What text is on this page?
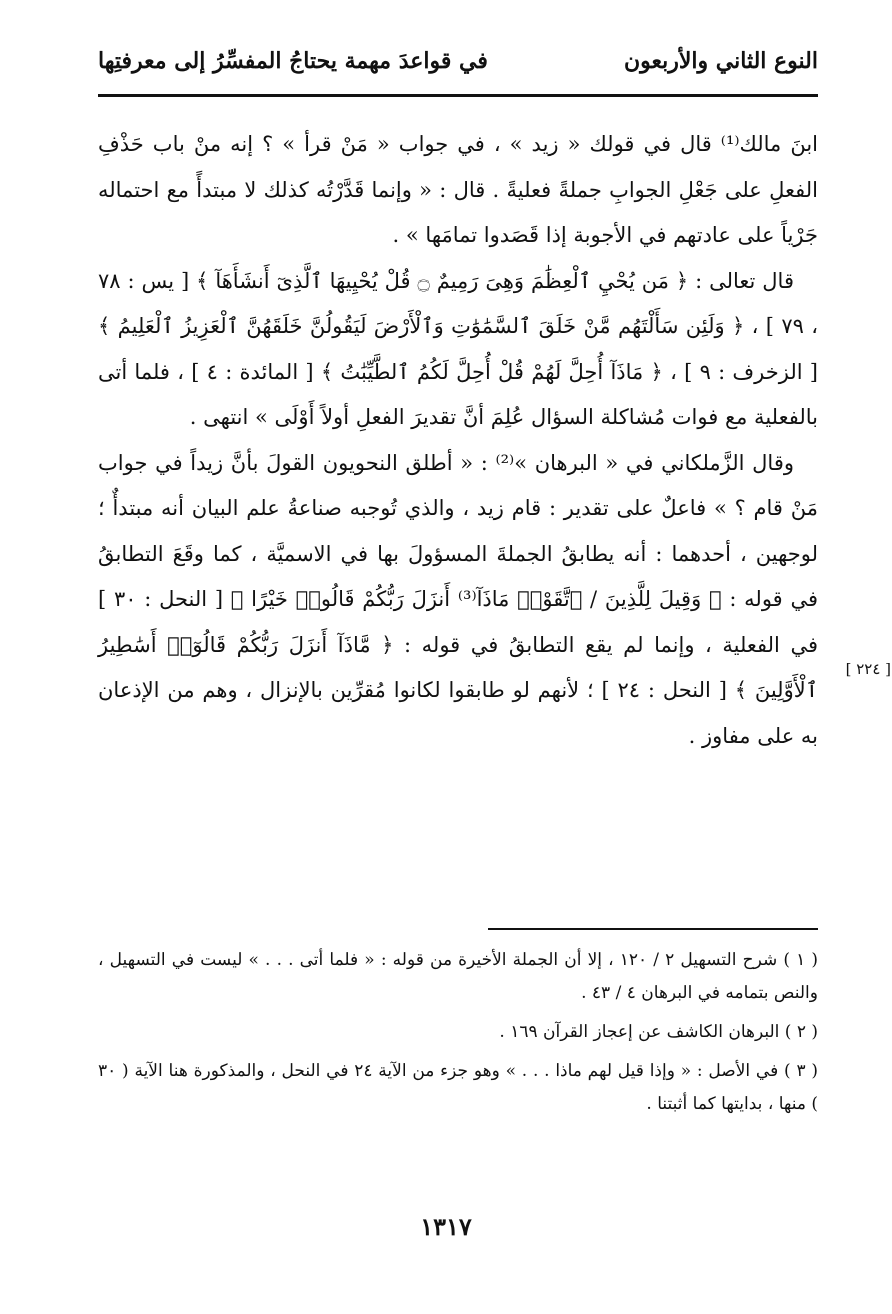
النوع الثاني والأربعون
في قواعدَ مهمة يحتاجُ المفسِّرُ إلى معرفتِها

ابنَ مالك⁽¹⁾ قال في قولك « زيد » ، في جواب « مَنْ قرأ » ؟ إنه منْ باب حَذْفِ الفعلِ على جَعْلِ الجوابِ جملةً فعليةً . قال : « وإنما قَدَّرْتُه كذلك لا مبتدأً مع احتماله جَرْياً على عادتهم في الأجوبة إذا قَصَدوا تمامَها » .

قال تعالى : ﴿ مَن يُحْيِ ٱلْعِظَٰمَ وَهِىَ رَمِيمٌ ۝ قُلْ يُحْيِيهَا ٱلَّذِىٓ أَنشَأَهَآ ﴾ [ يس : ٧٨ ، ٧٩ ] ، ﴿ وَلَئِن سَأَلْتَهُم مَّنْ خَلَقَ ٱلسَّمَٰوَٰتِ وَٱلْأَرْضَ لَيَقُولُنَّ خَلَقَهُنَّ ٱلْعَزِيزُ ٱلْعَلِيمُ ﴾ [ الزخرف : ٩ ] ، ﴿ مَاذَآ أُحِلَّ لَهُمْ قُلْ أُحِلَّ لَكُمُ ٱلطَّيِّبَٰتُ ﴾ [ المائدة : ٤ ] ، فلما أتى بالفعلية مع فوات مُشاكلة السؤال عُلِمَ أنَّ تقديرَ الفعلِ أولاً أَوْلَى » انتهى .

وقال الزَّملكاني في « البرهان »⁽²⁾ : « أطلق النحويون القولَ بأنَّ زيداً في جواب مَنْ قام ؟ » فاعلٌ على تقدير : قام زيد ، والذي تُوجبه صناعةُ علم البيان أنه مبتدأٌ ؛ لوجهين ، أحدهما : أنه يطابقُ الجملةَ المسؤولَ بها في الاسميَّة ، كما وقَعَ التطابقُ في قوله : ﴿ وَقِيلَ لِلَّذِينَ / ٱتَّقَوْا۟ مَاذَآ⁽³⁾ أَنزَلَ رَبُّكُمْ قَالُوا۟ خَيْرًا ﴾ [ النحل : ٣٠ ] في الفعلية ، وإنما لم يقع التطابقُ في قوله : ﴿ مَّاذَآ أَنزَلَ رَبُّكُمْ قَالُوٓا۟ أَسَٰطِيرُ ٱلْأَوَّلِينَ ﴾ [ النحل : ٢٤ ] ؛ لأنهم لو طابقوا لكانوا مُقرِّين بالإنزال ، وهم من الإذعان به على مفاوز .

[ ٢٢٤ ]

( ١ ) شرح التسهيل ٢ / ١٢٠ ، إلا أن الجملة الأخيرة من قوله : « فلما أتى . . . » ليست في التسهيل ، والنص بتمامه في البرهان ٤ / ٤٣ .

( ٢ ) البرهان الكاشف عن إعجاز القرآن ١٦٩ .

( ٣ ) في الأصل : « وإذا قيل لهم ماذا . . . » وهو جزء من الآية ٢٤ في النحل ، والمذكورة هنا الآية ( ٣٠ ) منها ، بدايتها كما أثبتنا .

١٣١٧
